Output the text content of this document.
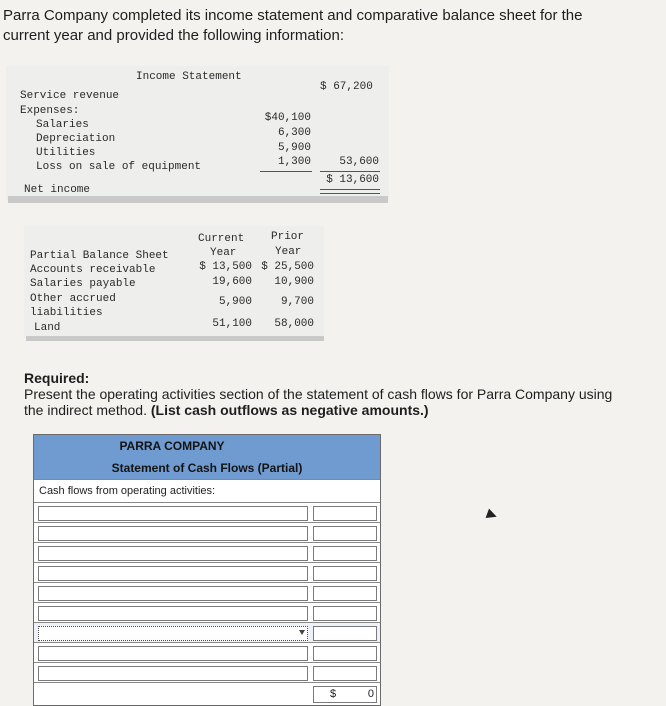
Parra Company completed its income statement and comparative balance sheet for the current year and provided the following information:
Income Statement
Service revenue
$ 67,200
Expenses:
Salaries
Depreciation
Utilities
Loss on sale of equipment
$40,100
6,300
5,900
1,300	53,600
Net income
$ 13,600
Current
Year
Prior
Year
Partial Balance Sheet
Accounts receivable
Salaries payable
Other accrued
liabilities
Land
$ 13,500
19,600
5,900
51,100
$ 25,500
10,900
9,700
58,000
Required:
Present the operating activities section of the statement of cash flows for Parra Company using the indirect method. (List cash outflows as negative amounts.)
PARRA COMPANY
Statement of Cash Flows (Partial)
Cash flows from operating activities:
$	0
